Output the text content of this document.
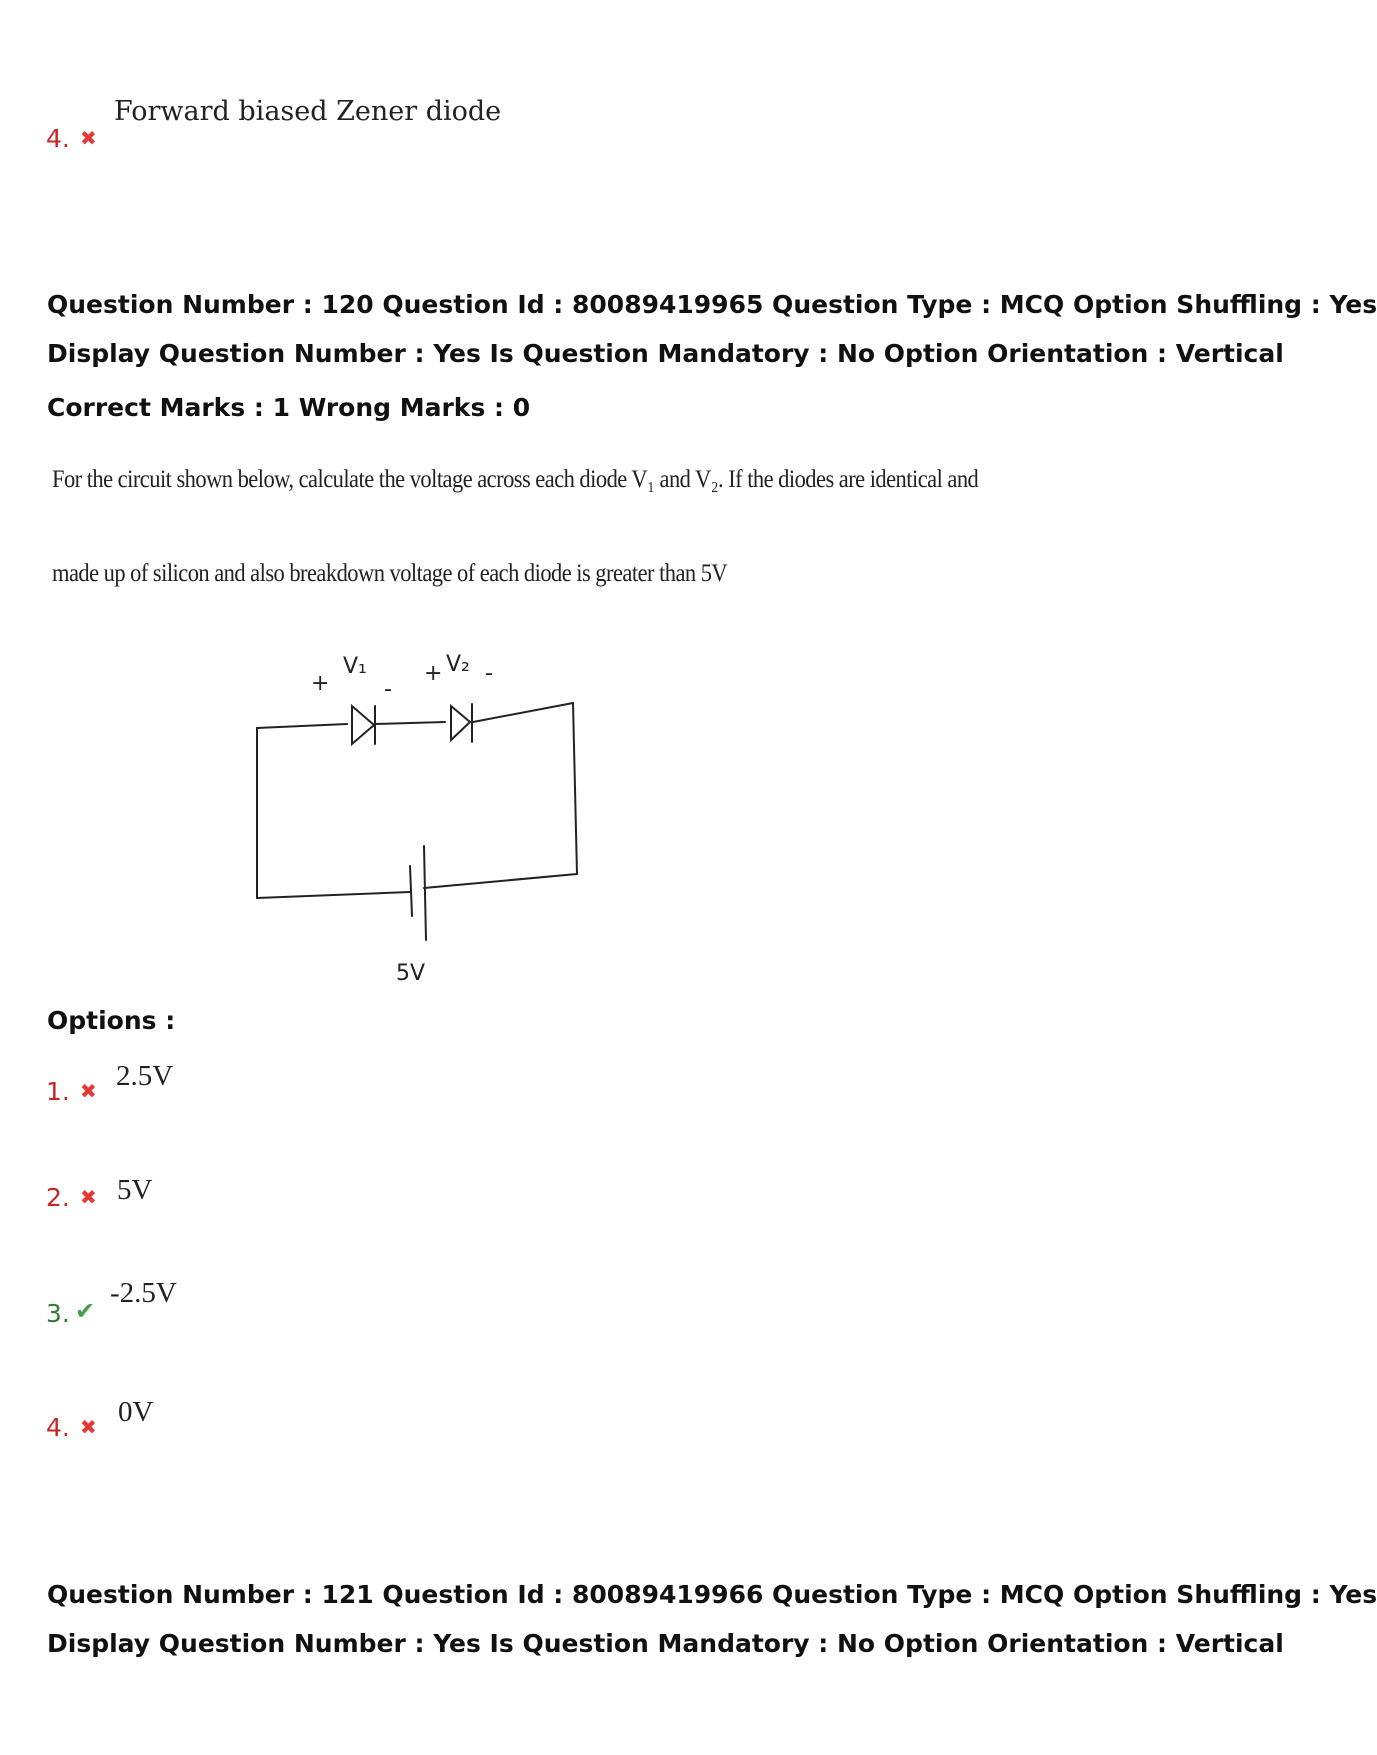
4. ✖
Forward biased Zener diode
Question Number : 120 Question Id : 80089419965 Question Type : MCQ Option Shuffling : Yes
Display Question Number : Yes Is Question Mandatory : No Option Orientation : Vertical
Correct Marks : 1 Wrong Marks : 0
For the circuit shown below, calculate the voltage across each diode V₁ and V₂. If the diodes are identical and
made up of silicon and also breakdown voltage of each diode is greater than 5V
+
V₁
-
+ V₂ -
5V
Options :
1. ✖ 2.5V
2. ✖ 5V
3. ✔
-2.5V
4. ✖ 0V
Question Number : 121 Question Id : 80089419966 Question Type : MCQ Option Shuffling : Yes
Display Question Number : Yes Is Question Mandatory : No Option Orientation : Vertical
